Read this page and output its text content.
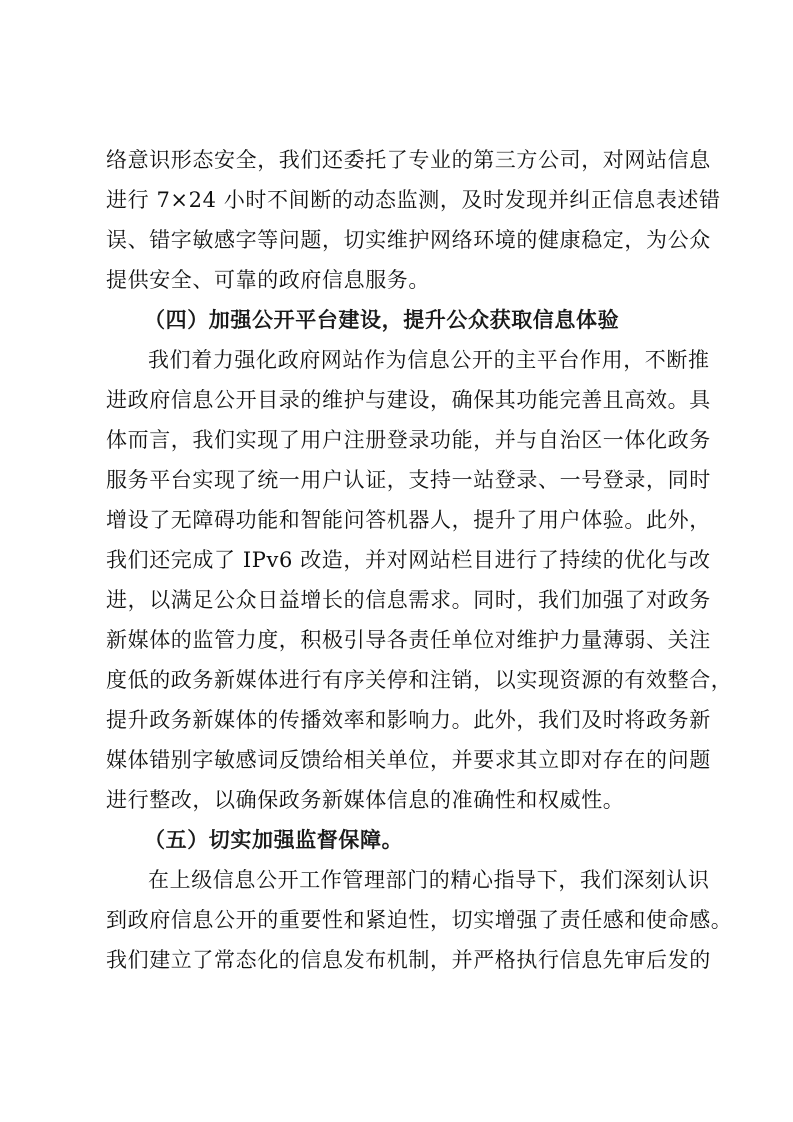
络意识形态安全，我们还委托了专业的第三方公司，对网站信息
进行 7×24 小时不间断的动态监测，及时发现并纠正信息表述错
误、错字敏感字等问题，切实维护网络环境的健康稳定，为公众
提供安全、可靠的政府信息服务。
（四）加强公开平台建设，提升公众获取信息体验
我们着力强化政府网站作为信息公开的主平台作用，不断推
进政府信息公开目录的维护与建设，确保其功能完善且高效。具
体而言，我们实现了用户注册登录功能，并与自治区一体化政务
服务平台实现了统一用户认证，支持一站登录、一号登录，同时
增设了无障碍功能和智能问答机器人，提升了用户体验。此外，
我们还完成了 IPv6 改造，并对网站栏目进行了持续的优化与改
进，以满足公众日益增长的信息需求。同时，我们加强了对政务
新媒体的监管力度，积极引导各责任单位对维护力量薄弱、关注
度低的政务新媒体进行有序关停和注销，以实现资源的有效整合，
提升政务新媒体的传播效率和影响力。此外，我们及时将政务新
媒体错别字敏感词反馈给相关单位，并要求其立即对存在的问题
进行整改，以确保政务新媒体信息的准确性和权威性。
（五）切实加强监督保障。
在上级信息公开工作管理部门的精心指导下，我们深刻认识
到政府信息公开的重要性和紧迫性，切实增强了责任感和使命感。
我们建立了常态化的信息发布机制，并严格执行信息先审后发的
